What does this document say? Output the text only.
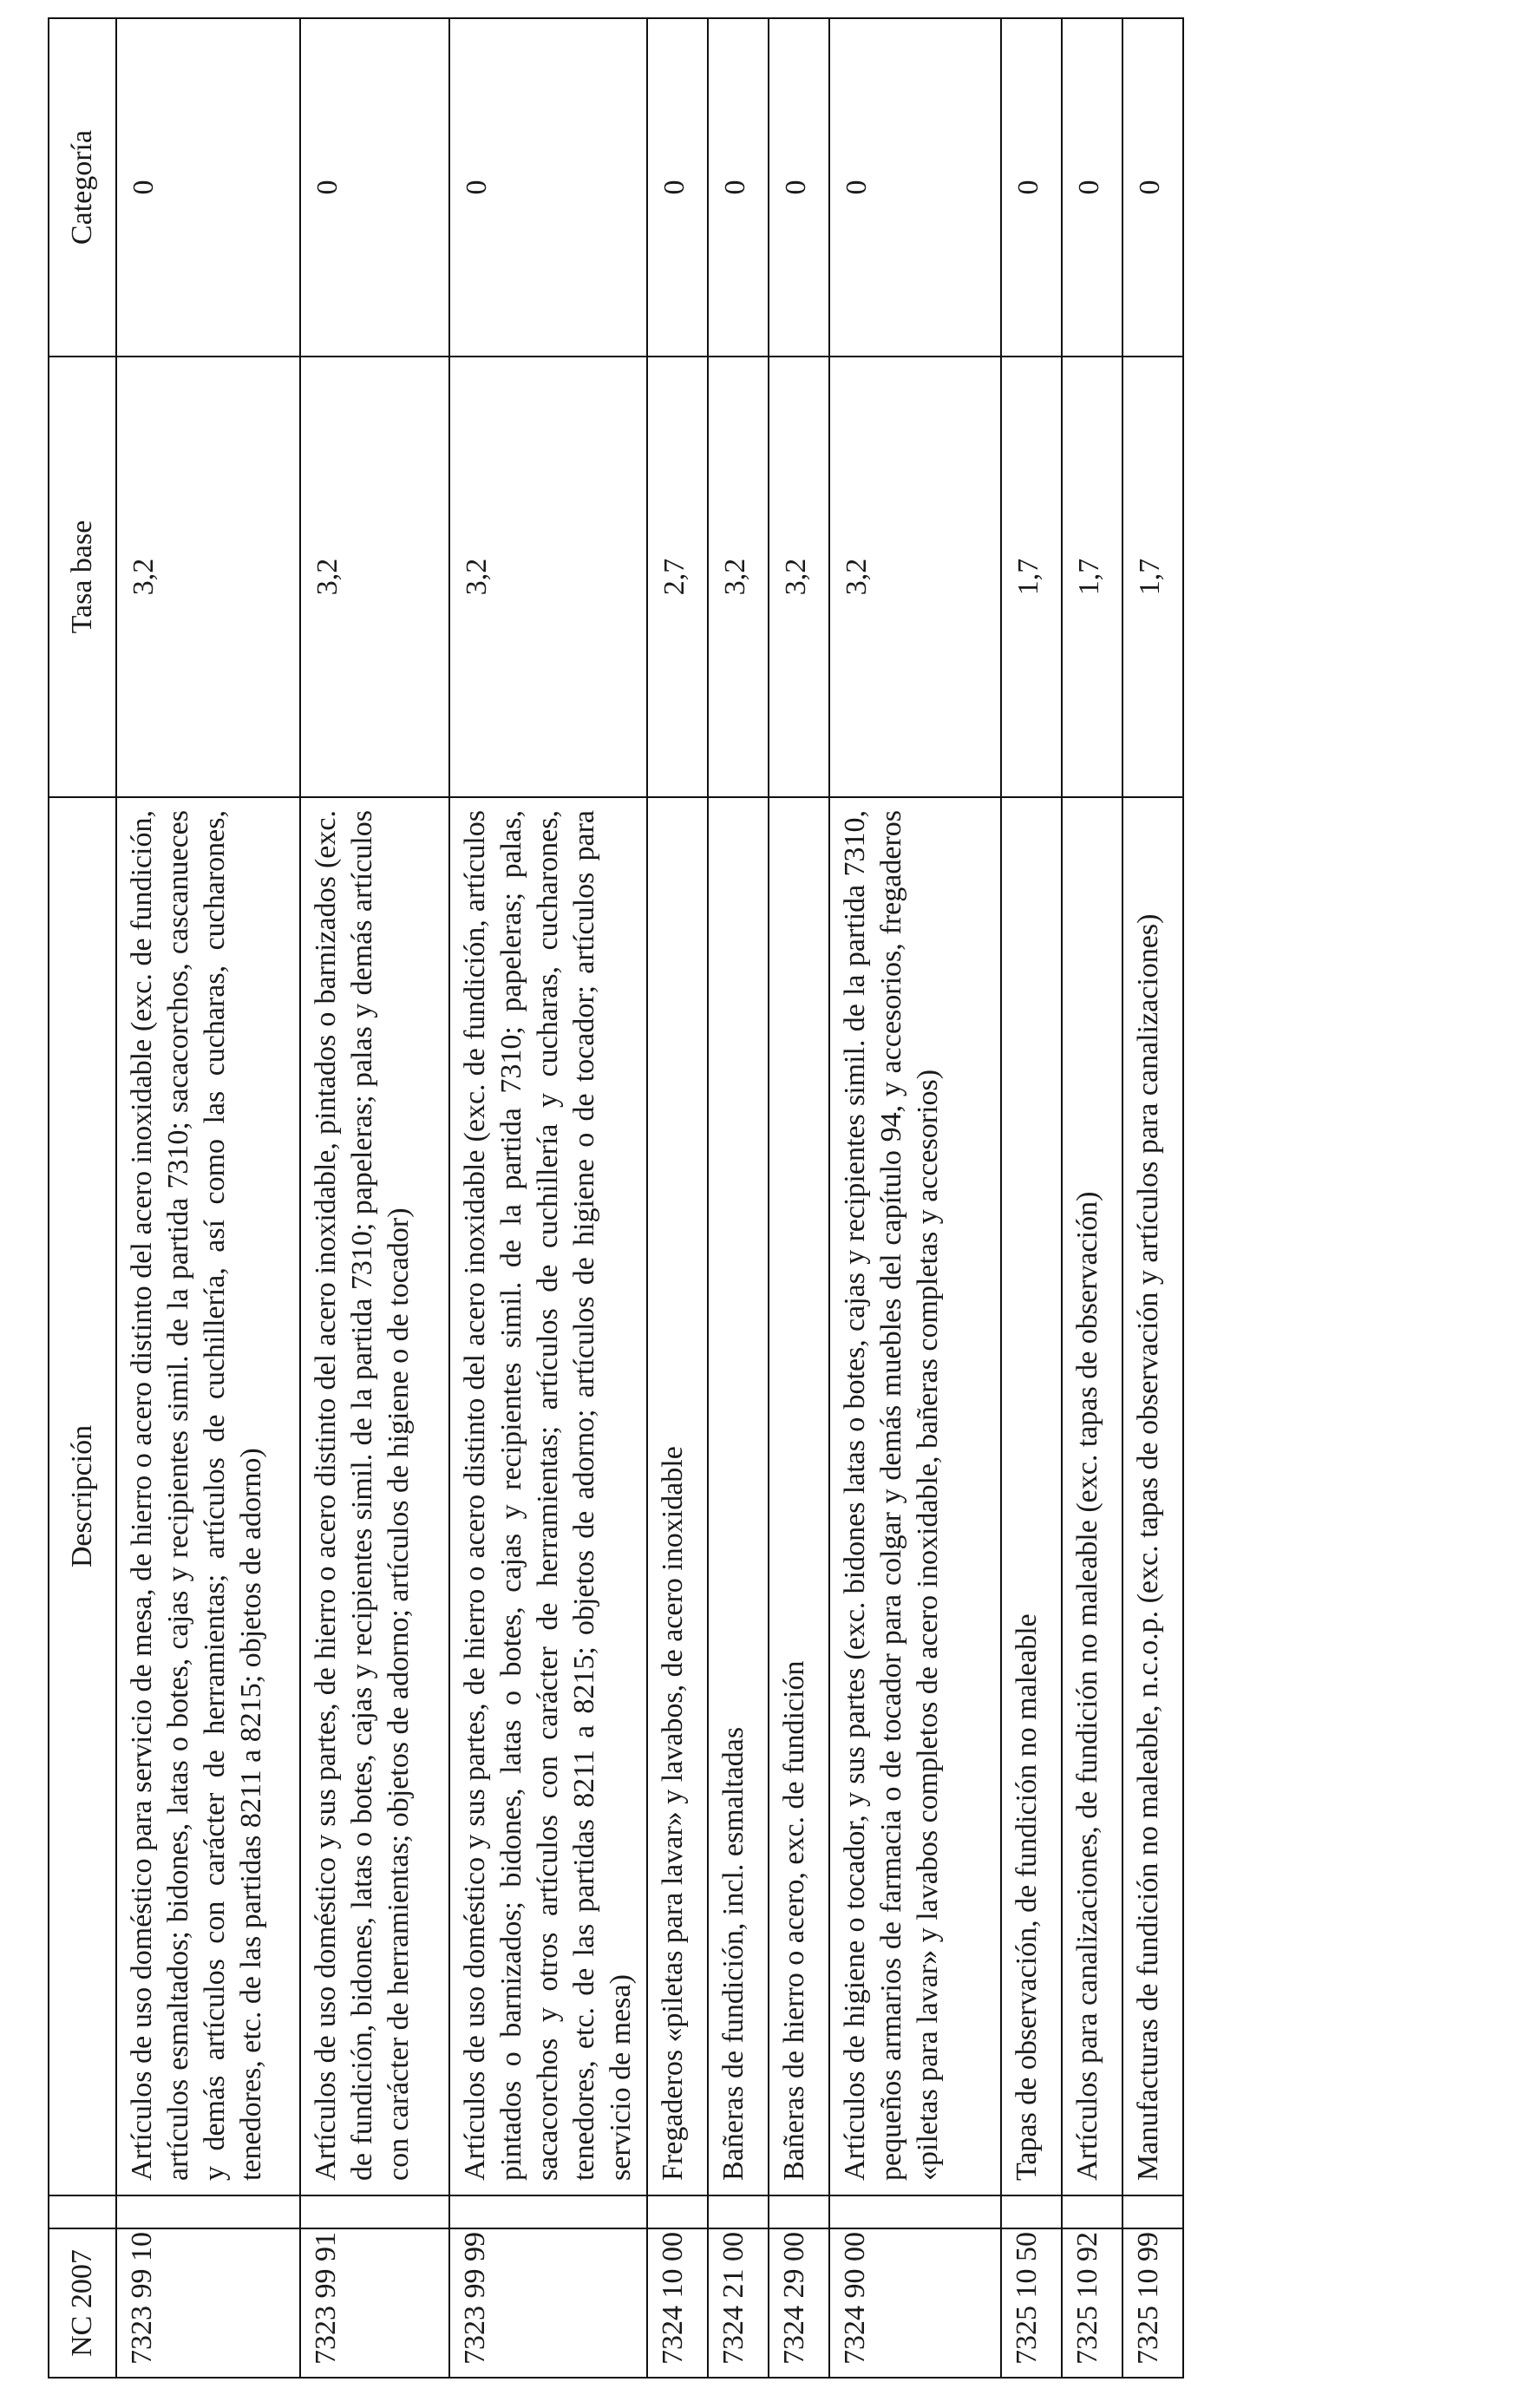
NC 2007		Descripción	Tasa base	Categoría
7323 99 10		Artículos de uso doméstico para servicio de mesa, de hierro o acero distinto del acero inoxidable (exc. de fundición, artículos esmaltados; bidones, latas o botes, cajas y recipientes simil. de la partida 7310; sacacorchos, cascanueces y demás artículos con carácter de herramientas; artículos de cuchillería, así como las cucharas, cucharones, tenedores, etc. de las partidas 8211 a 8215; objetos de adorno)	3,2	0
7323 99 91		Artículos de uso doméstico y sus partes, de hierro o acero distinto del acero inoxidable, pintados o barnizados (exc. de fundición, bidones, latas o botes, cajas y recipientes simil. de la partida 7310; papeleras; palas y demás artículos con carácter de herramientas; objetos de adorno; artículos de higiene o de tocador)	3,2	0
7323 99 99		Artículos de uso doméstico y sus partes, de hierro o acero distinto del acero inoxidable (exc. de fundición, artículos pintados o barnizados; bidones, latas o botes, cajas y recipientes simil. de la partida 7310; papeleras; palas, sacacorchos y otros artículos con carácter de herramientas; artículos de cuchillería y cucharas, cucharones, tenedores, etc. de las partidas 8211 a 8215; objetos de adorno; artículos de higiene o de tocador; artículos para servicio de mesa)	3,2	0
7324 10 00		Fregaderos «piletas para lavar» y lavabos, de acero inoxidable	2,7	0
7324 21 00		Bañeras de fundición, incl. esmaltadas	3,2	0
7324 29 00		Bañeras de hierro o acero, exc. de fundición	3,2	0
7324 90 00		Artículos de higiene o tocador, y sus partes (exc. bidones latas o botes, cajas y recipientes simil. de la partida 7310, pequeños armarios de farmacia o de tocador para colgar y demás muebles del capítulo 94, y accesorios, fregaderos «piletas para lavar» y lavabos completos de acero inoxidable, bañeras completas y accesorios)	3,2	0
7325 10 50		Tapas de observación, de fundición no maleable	1,7	0
7325 10 92		Artículos para canalizaciones, de fundición no maleable (exc. tapas de observación)	1,7	0
7325 10 99		Manufacturas de fundición no maleable, n.c.o.p. (exc. tapas de observación y artículos para canalizaciones)	1,7	0
